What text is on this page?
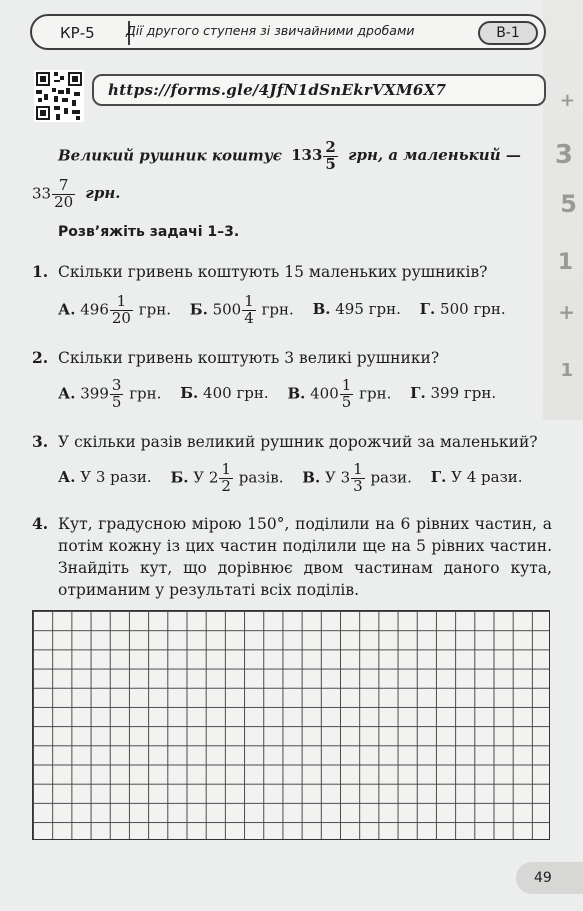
+
3
5
1
+
1
КР-5	Дії другого ступеня зі звичайними дробами	В-1
https://forms.gle/4JfN1dSnEkrVXM6X7
Великий рушник коштує $133 \frac{2}{5}$ грн, а маленький —
$33 \frac{7}{20}$ грн.
Розв’яжіть задачі 1–3.
1. Скільки гривень коштують 15 маленьких рушників?
А. $496 \frac{1}{20}$ грн. Б. $500 \frac{1}{4}$ грн. В. 495 грн. Г. 500 грн.
2. Скільки гривень коштують 3 великі рушники?
А. $399 \frac{3}{5}$ грн. Б. 400 грн. В. $400 \frac{1}{5}$ грн. Г. 399 грн.
3. У скільки разів великий рушник дорожчий за маленький?
А. У 3 рази. Б. У $2 \frac{1}{2}$ разів. В. У $3 \frac{1}{3}$ рази. Г. У 4 рази.
4. Кут, градусною мірою 150°, поділили на 6 рівних частин, а потім кожну із цих частин поділили ще на 5 рівних частин. Знайдіть кут, що дорівнює двом частинам даного кута, отриманим у результаті всіх поділів.
49
